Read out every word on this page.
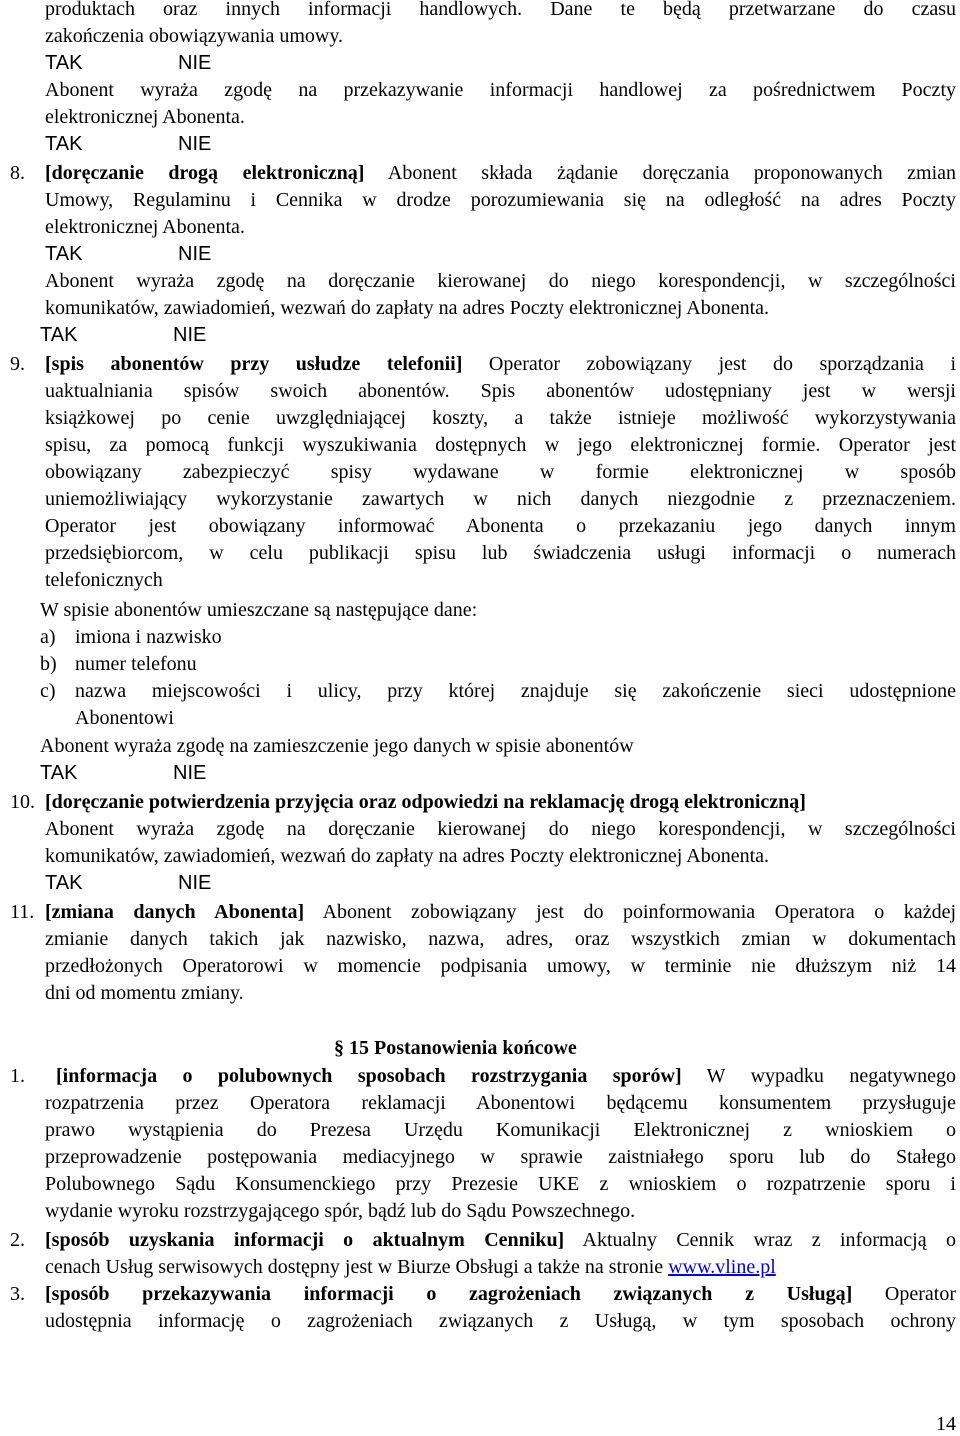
produktach oraz innych informacji handlowych. Dane te będą przetwarzane do czasu
zakończenia obowiązywania umowy.
TAK	NIE
Abonent wyraża zgodę na przekazywanie informacji handlowej za pośrednictwem Poczty
elektronicznej Abonenta.
TAK	NIE
8. [doręczanie drogą elektroniczną] Abonent składa żądanie doręczania proponowanych zmian
Umowy, Regulaminu i Cennika w drodze porozumiewania się na odległość na adres Poczty
elektronicznej Abonenta.
TAK	NIE
Abonent wyraża zgodę na doręczanie kierowanej do niego korespondencji, w szczególności
komunikatów, zawiadomień, wezwań do zapłaty na adres Poczty elektronicznej Abonenta.
TAK	NIE
9. [spis abonentów przy usłudze telefonii] Operator zobowiązany jest do sporządzania i
uaktualniania spisów swoich abonentów. Spis abonentów udostępniany jest w wersji
książkowej po cenie uwzględniającej koszty, a także istnieje możliwość wykorzystywania
spisu, za pomocą funkcji wyszukiwania dostępnych w jego elektronicznej formie. Operator jest
obowiązany zabezpieczyć spisy wydawane w formie elektronicznej w sposób
uniemożliwiający wykorzystanie zawartych w nich danych niezgodnie z przeznaczeniem.
Operator jest obowiązany informować Abonenta o przekazaniu jego danych innym
przedsiębiorcom, w celu publikacji spisu lub świadczenia usługi informacji o numerach
telefonicznych
W spisie abonentów umieszczane są następujące dane:
a) imiona i nazwisko
b) numer telefonu
c) nazwa miejscowości i ulicy, przy której znajduje się zakończenie sieci udostępnione
Abonentowi
Abonent wyraża zgodę na zamieszczenie jego danych w spisie abonentów
TAK	NIE
10. [doręczanie potwierdzenia przyjęcia oraz odpowiedzi na reklamację drogą elektroniczną]
Abonent wyraża zgodę na doręczanie kierowanej do niego korespondencji, w szczególności
komunikatów, zawiadomień, wezwań do zapłaty na adres Poczty elektronicznej Abonenta.
TAK	NIE
11. [zmiana danych Abonenta] Abonent zobowiązany jest do poinformowania Operatora o każdej
zmianie danych takich jak nazwisko, nazwa, adres, oraz wszystkich zmian w dokumentach
przedłożonych Operatorowi w momencie podpisania umowy, w terminie nie dłuższym niż 14
dni od momentu zmiany.
§ 15 Postanowienia końcowe
1. [informacja o polubownych sposobach rozstrzygania sporów] W wypadku negatywnego
rozpatrzenia przez Operatora reklamacji Abonentowi będącemu konsumentem przysługuje
prawo wystąpienia do Prezesa Urzędu Komunikacji Elektronicznej z wnioskiem o
przeprowadzenie postępowania mediacyjnego w sprawie zaistniałego sporu lub do Stałego
Polubownego Sądu Konsumenckiego przy Prezesie UKE z wnioskiem o rozpatrzenie sporu i
wydanie wyroku rozstrzygającego spór, bądź lub do Sądu Powszechnego.
2. [sposób uzyskania informacji o aktualnym Cenniku] Aktualny Cennik wraz z informacją o
cenach Usług serwisowych dostępny jest w Biurze Obsługi a także na stronie www.vline.pl
3. [sposób przekazywania informacji o zagrożeniach związanych z Usługą] Operator
udostępnia informację o zagrożeniach związanych z Usługą, w tym sposobach ochrony
14
